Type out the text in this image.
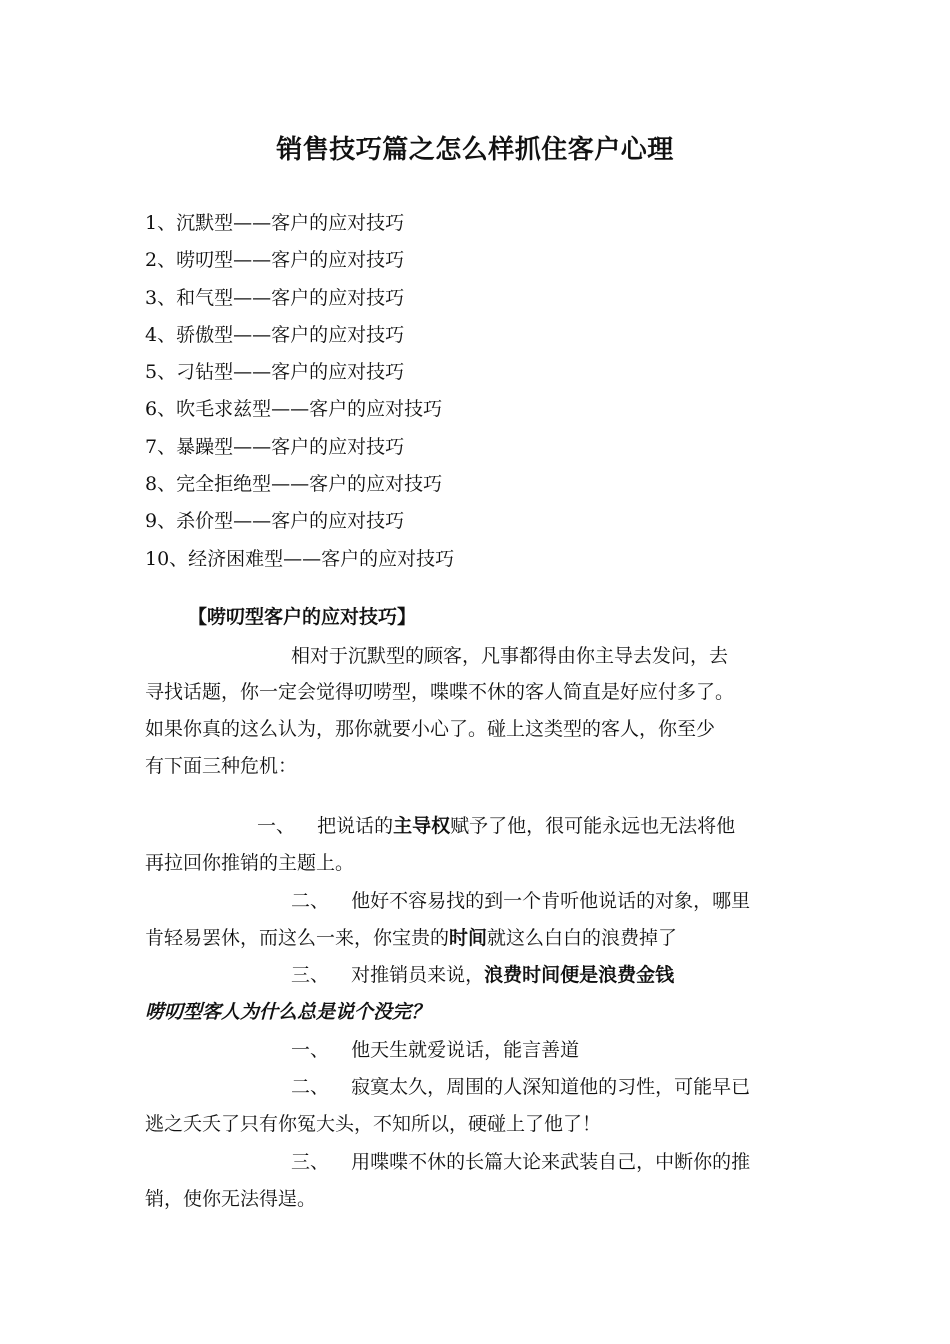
销售技巧篇之怎么样抓住客户心理
1、沉默型——客户的应对技巧
2、唠叨型——客户的应对技巧
3、和气型——客户的应对技巧
4、骄傲型——客户的应对技巧
5、刁钻型——客户的应对技巧
6、吹毛求兹型——客户的应对技巧
7、暴躁型——客户的应对技巧
8、完全拒绝型——客户的应对技巧
9、杀价型——客户的应对技巧
10、经济困难型——客户的应对技巧
【唠叨型客户的应对技巧】
相对于沉默型的顾客，凡事都得由你主导去发问，去
寻找话题，你一定会觉得叨唠型，喋喋不休的客人简直是好应付多了。
如果你真的这么认为，那你就要小心了。碰上这类型的客人，你至少
有下面三种危机：
一、 把说话的主导权赋予了他，很可能永远也无法将他
再拉回你推销的主题上。
二、 他好不容易找的到一个肯听他说话的对象，哪里
肯轻易罢休，而这么一来，你宝贵的时间就这么白白的浪费掉了
三、 对推销员来说，浪费时间便是浪费金钱
唠叨型客人为什么总是说个没完？
一、 他天生就爱说话，能言善道
二、 寂寞太久，周围的人深知道他的习性，可能早已
逃之夭夭了只有你冤大头，不知所以，硬碰上了他了！
三、 用喋喋不休的长篇大论来武装自己，中断你的推
销，使你无法得逞。
